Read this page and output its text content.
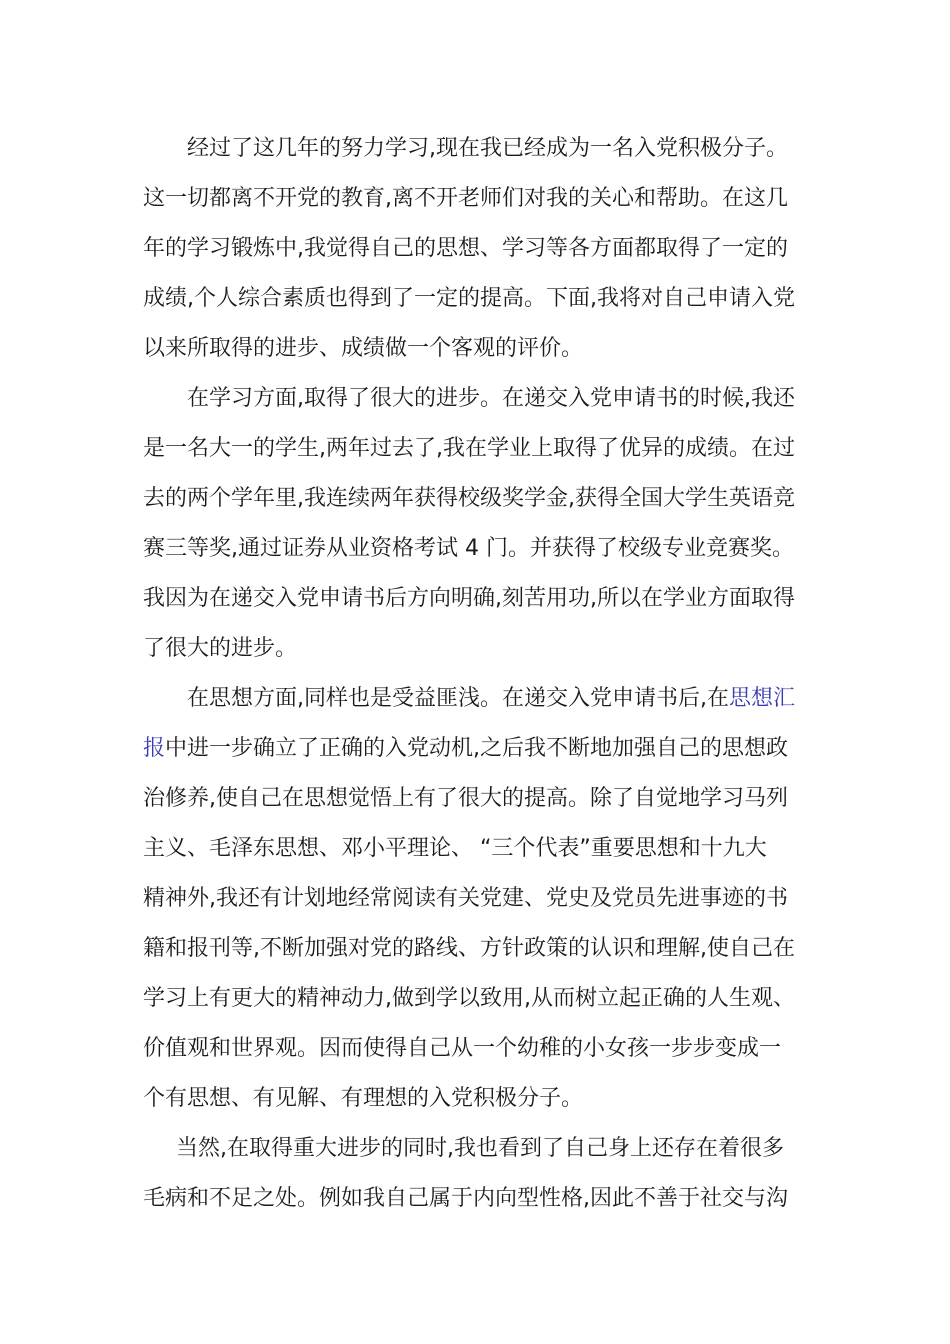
经过了这几年的努力学习,现在我已经成为一名入党积极分子。
这一切都离不开党的教育,离不开老师们对我的关心和帮助。在这几
年的学习锻炼中,我觉得自己的思想、学习等各方面都取得了一定的
成绩,个人综合素质也得到了一定的提高。下面,我将对自己申请入党
以来所取得的进步、成绩做一个客观的评价。
在学习方面,取得了很大的进步。在递交入党申请书的时候,我还
是一名大一的学生,两年过去了,我在学业上取得了优异的成绩。在过
去的两个学年里,我连续两年获得校级奖学金,获得全国大学生英语竞
赛三等奖,通过证券从业资格考试 4 门。并获得了校级专业竞赛奖。
我因为在递交入党申请书后方向明确,刻苦用功,所以在学业方面取得
了很大的进步。
在思想方面,同样也是受益匪浅。在递交入党申请书后,在思想汇
报中进一步确立了正确的入党动机,之后我不断地加强自己的思想政
治修养,使自己在思想觉悟上有了很大的提高。除了自觉地学习马列
主义、毛泽东思想、邓小平理论、 “三个代表”重要思想和十九大
精神外,我还有计划地经常阅读有关党建、党史及党员先进事迹的书
籍和报刊等,不断加强对党的路线、方针政策的认识和理解,使自己在
学习上有更大的精神动力,做到学以致用,从而树立起正确的人生观、
价值观和世界观。因而使得自己从一个幼稚的小女孩一步步变成一
个有思想、有见解、有理想的入党积极分子。
当然,在取得重大进步的同时,我也看到了自己身上还存在着很多
毛病和不足之处。例如我自己属于内向型性格,因此不善于社交与沟
